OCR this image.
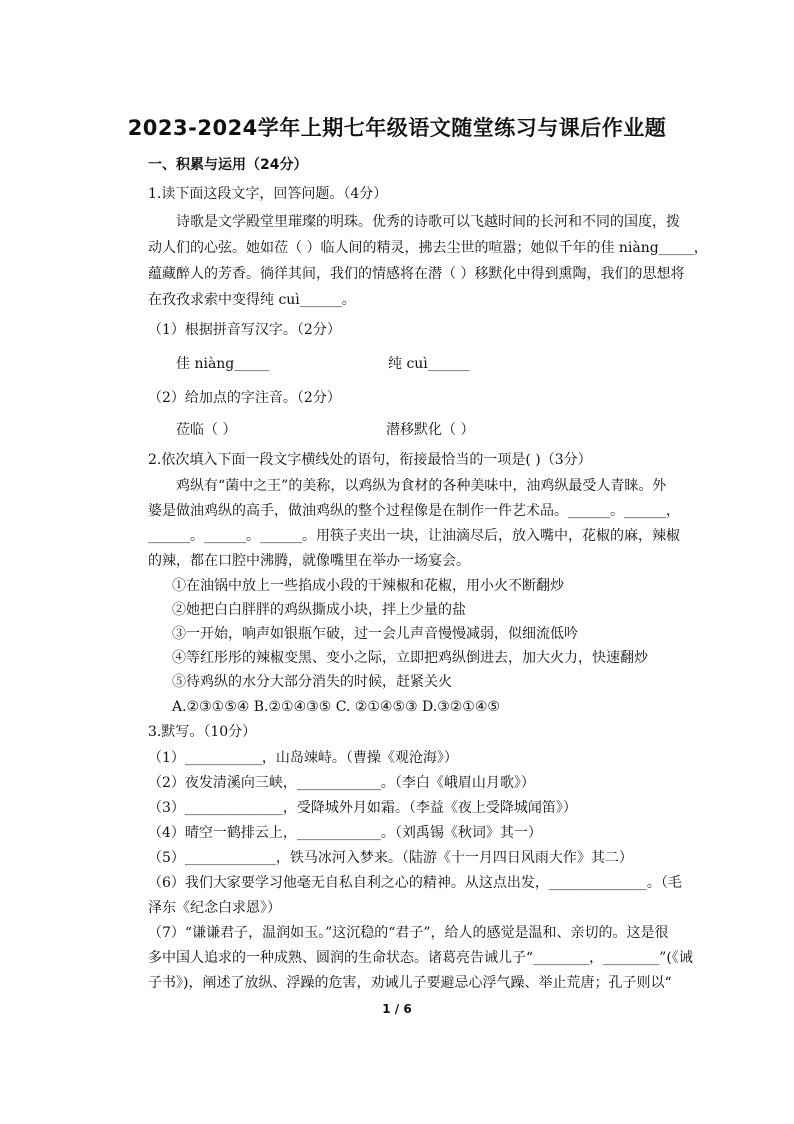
2023-2024学年上期七年级语文随堂练习与课后作业题
一、积累与运用（24分）
1.读下面这段文字，回答问题。（4分）
诗歌是文学殿堂里璀璨的明珠。优秀的诗歌可以飞越时间的长河和不同的国度，拨
动人们的心弦。她如莅（ ）临人间的精灵，拂去尘世的喧嚣；她似千年的佳 niàng_____，
蕴藏醉人的芳香。徜徉其间，我们的情感将在潜（ ）移默化中得到熏陶，我们的思想将
在孜孜求索中变得纯 cuì______。
（1）根据拼音写汉字。（2分）
佳 niàng_____	纯 cuì______
（2）给加点的字注音。（2分）
莅临（ ）	潜移默化（ ）
2.依次填入下面一段文字横线处的语句，衔接最恰当的一项是( )（3分）
鸡纵有“菌中之王”的美称，以鸡纵为食材的各种美味中，油鸡纵最受人青睐。外
婆是做油鸡纵的高手，做油鸡纵的整个过程像是在制作一件艺术品。______。______，
______。______。______。用筷子夹出一块，让油滴尽后，放入嘴中，花椒的麻，辣椒
的辣，都在口腔中沸腾，就像嘴里在举办一场宴会。
①在油锅中放上一些掐成小段的干辣椒和花椒，用小火不断翻炒
②她把白白胖胖的鸡纵撕成小块，拌上少量的盐
③一开始，响声如银瓶乍破，过一会儿声音慢慢减弱，似细流低吟
④等红彤彤的辣椒变黑、变小之际，立即把鸡纵倒进去，加大火力，快速翻炒
⑤待鸡纵的水分大部分消失的时候，赶紧关火
A.②③①⑤④ B.②①④③⑤ C. ②①④⑤③ D.③②①④⑤
3.默写。（10分）
（1）___________，山岛竦峙。（曹操《观沧海》）
（2）夜发清溪向三峡，____________。（李白《峨眉山月歌》）
（3）______________，受降城外月如霜。（李益《夜上受降城闻笛》）
（4）晴空一鹤排云上，____________。（刘禹锡《秋词》其一）
（5）_____________，铁马冰河入梦来。（陆游《十一月四日风雨大作》其二）
（6）我们大家要学习他毫无自私自利之心的精神。从这点出发，______________。（毛
泽东《纪念白求恩》）
（7）“谦谦君子，温润如玉。”这沉稳的“君子”，给人的感觉是温和、亲切的。这是很
多中国人追求的一种成熟、圆润的生命状态。诸葛亮告诫儿子“________，________”(《诫
子书》)，阐述了放纵、浮躁的危害，劝诫儿子要避忌心浮气躁、举止荒唐；孔子则以“
1 / 6
